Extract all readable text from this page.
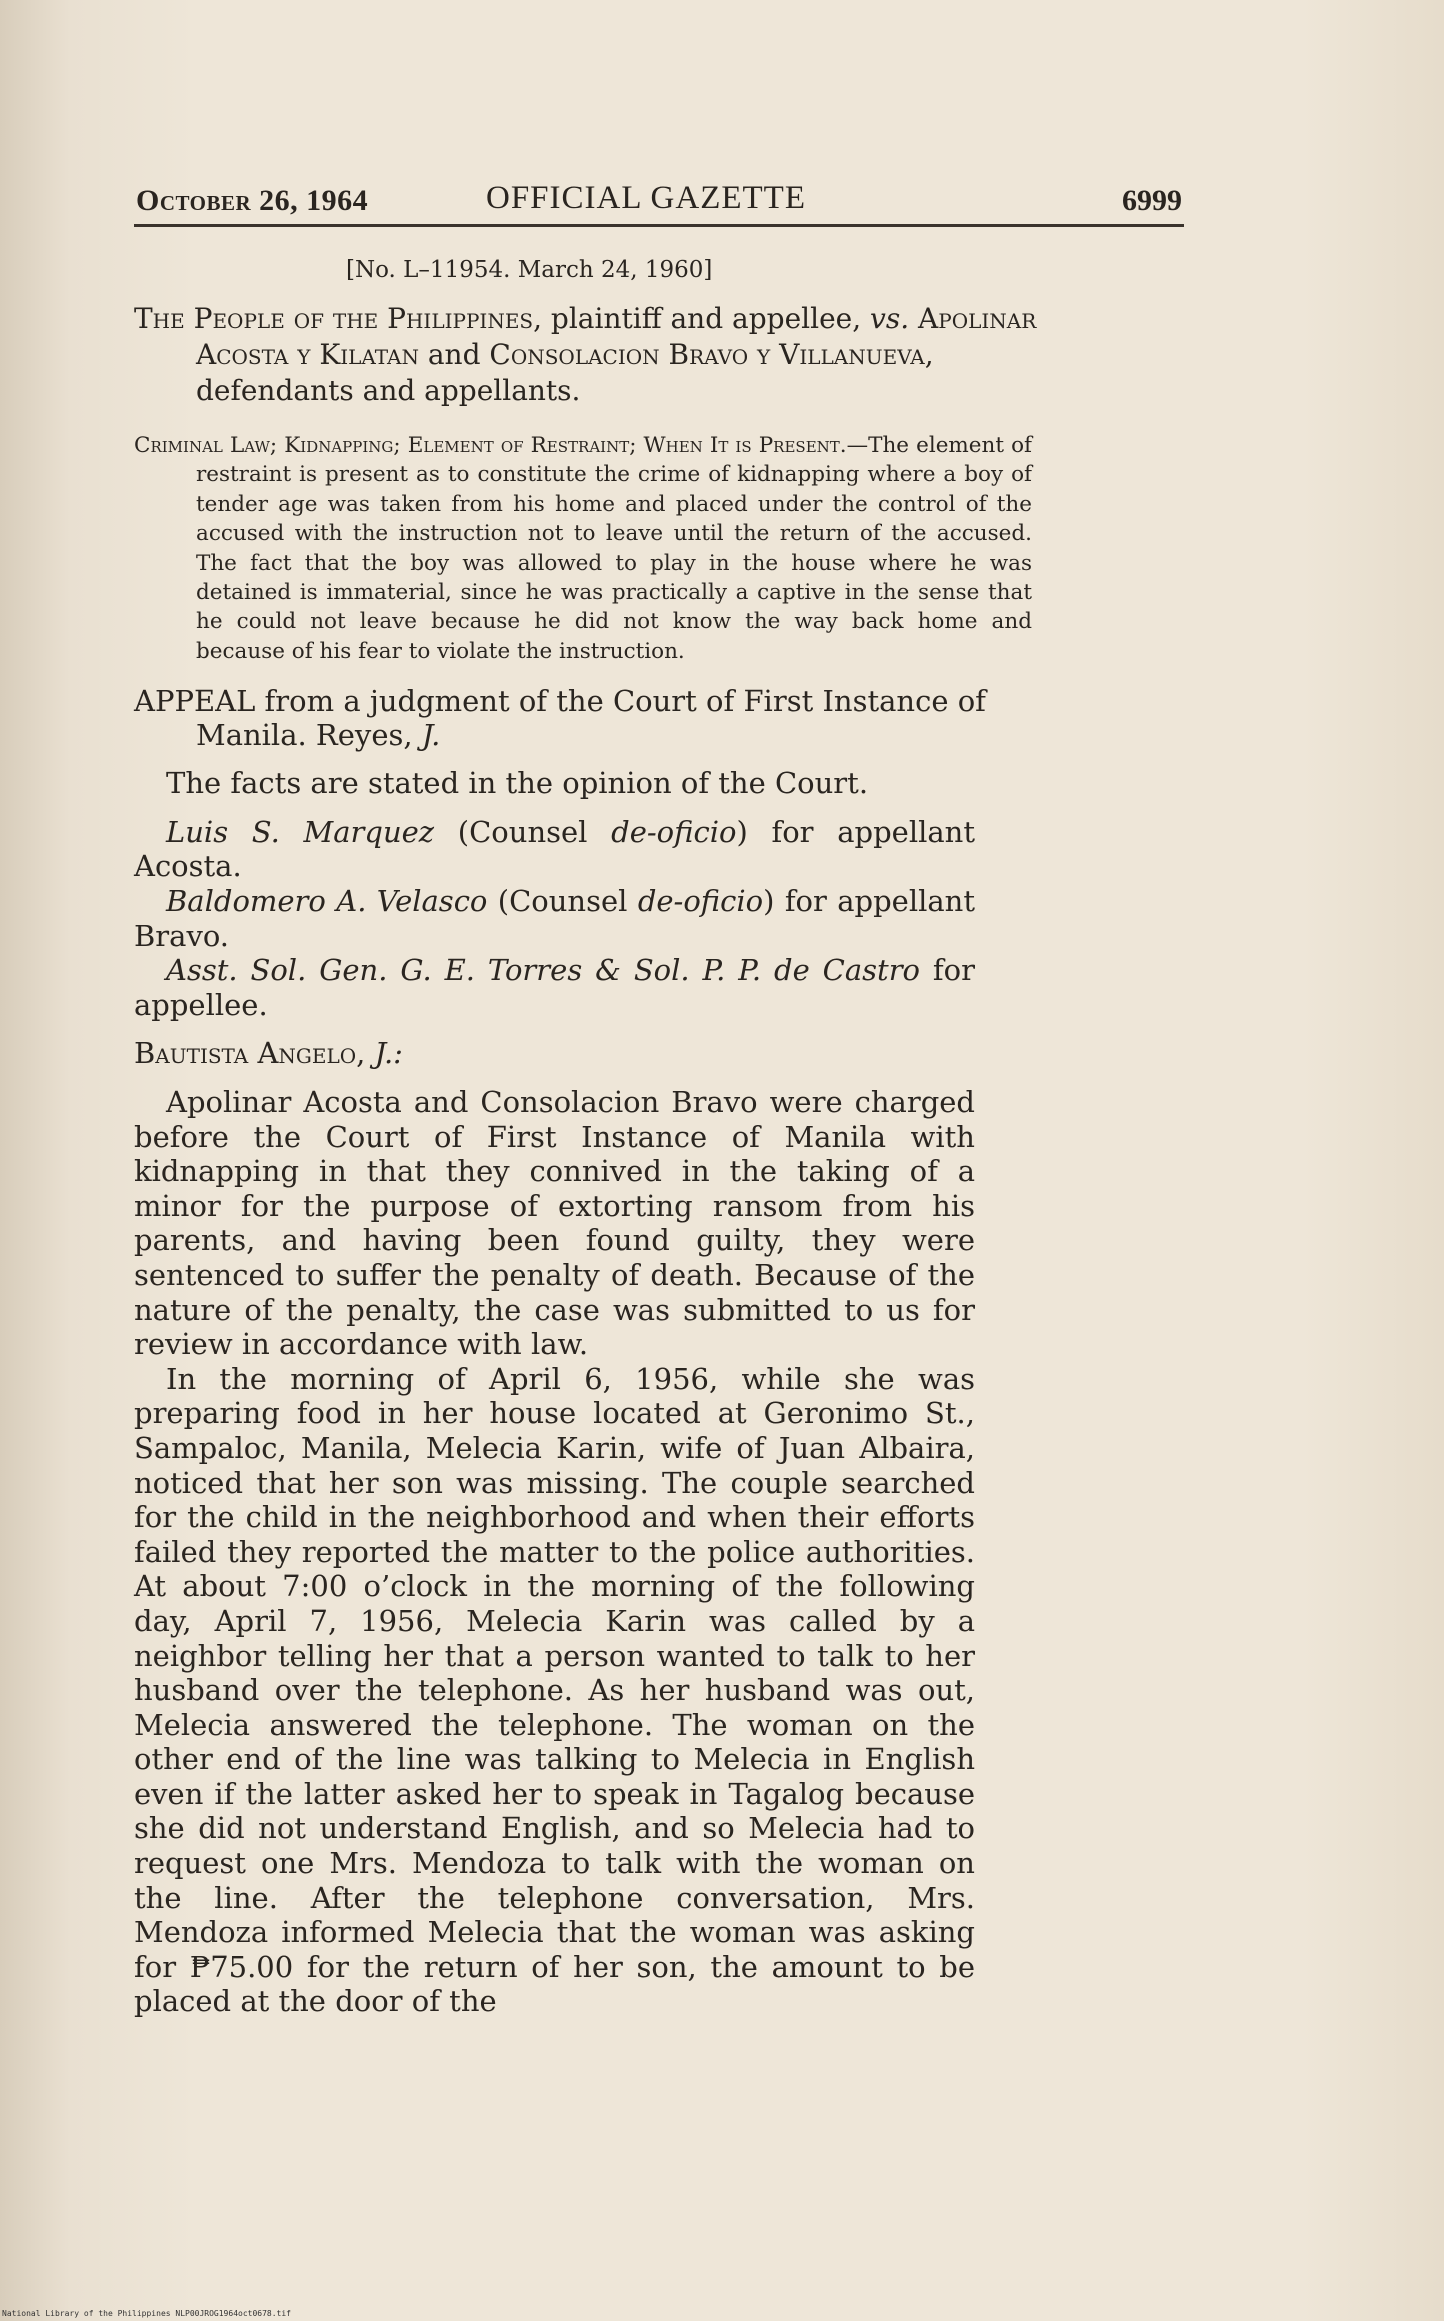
October 26, 1964	OFFICIAL GAZETTE	6999
[No. L–11954. March 24, 1960]
The People of the Philippines, plaintiff and appellee, vs. Apolinar Acosta y Kilatan and Consolacion Bravo y Villanueva, defendants and appellants.
Criminal Law; Kidnapping; Element of Restraint; When It is Present.—The element of restraint is present as to constitute the crime of kidnapping where a boy of tender age was taken from his home and placed under the control of the accused with the instruction not to leave until the return of the accused. The fact that the boy was allowed to play in the house where he was detained is immaterial, since he was practically a captive in the sense that he could not leave because he did not know the way back home and because of his fear to violate the instruction.
APPEAL from a judgment of the Court of First Instance of Manila. Reyes, J.

The facts are stated in the opinion of the Court.

Luis S. Marquez (Counsel de-oficio) for appellant Acosta.

Baldomero A. Velasco (Counsel de-oficio) for appellant Bravo.

Asst. Sol. Gen. G. E. Torres & Sol. P. P. de Castro for appellee.

Bautista Angelo, J.:

Apolinar Acosta and Consolacion Bravo were charged before the Court of First Instance of Manila with kidnapping in that they connived in the taking of a minor for the purpose of extorting ransom from his parents, and having been found guilty, they were sentenced to suffer the penalty of death. Because of the nature of the penalty, the case was submitted to us for review in accordance with law.

In the morning of April 6, 1956, while she was preparing food in her house located at Geronimo St., Sampaloc, Manila, Melecia Karin, wife of Juan Albaira, noticed that her son was missing. The couple searched for the child in the neighborhood and when their efforts failed they reported the matter to the police authorities. At about 7:00 o’clock in the morning of the following day, April 7, 1956, Melecia Karin was called by a neighbor telling her that a person wanted to talk to her husband over the telephone. As her husband was out, Melecia answered the telephone. The woman on the other end of the line was talking to Melecia in English even if the latter asked her to speak in Tagalog because she did not understand English, and so Melecia had to request one Mrs. Mendoza to talk with the woman on the line. After the telephone conversation, Mrs. Mendoza informed Melecia that the woman was asking for ₱75.00 for the return of her son, the amount to be placed at the door of the

National Library of the Philippines NLP00JROG1964oct0678.tif
